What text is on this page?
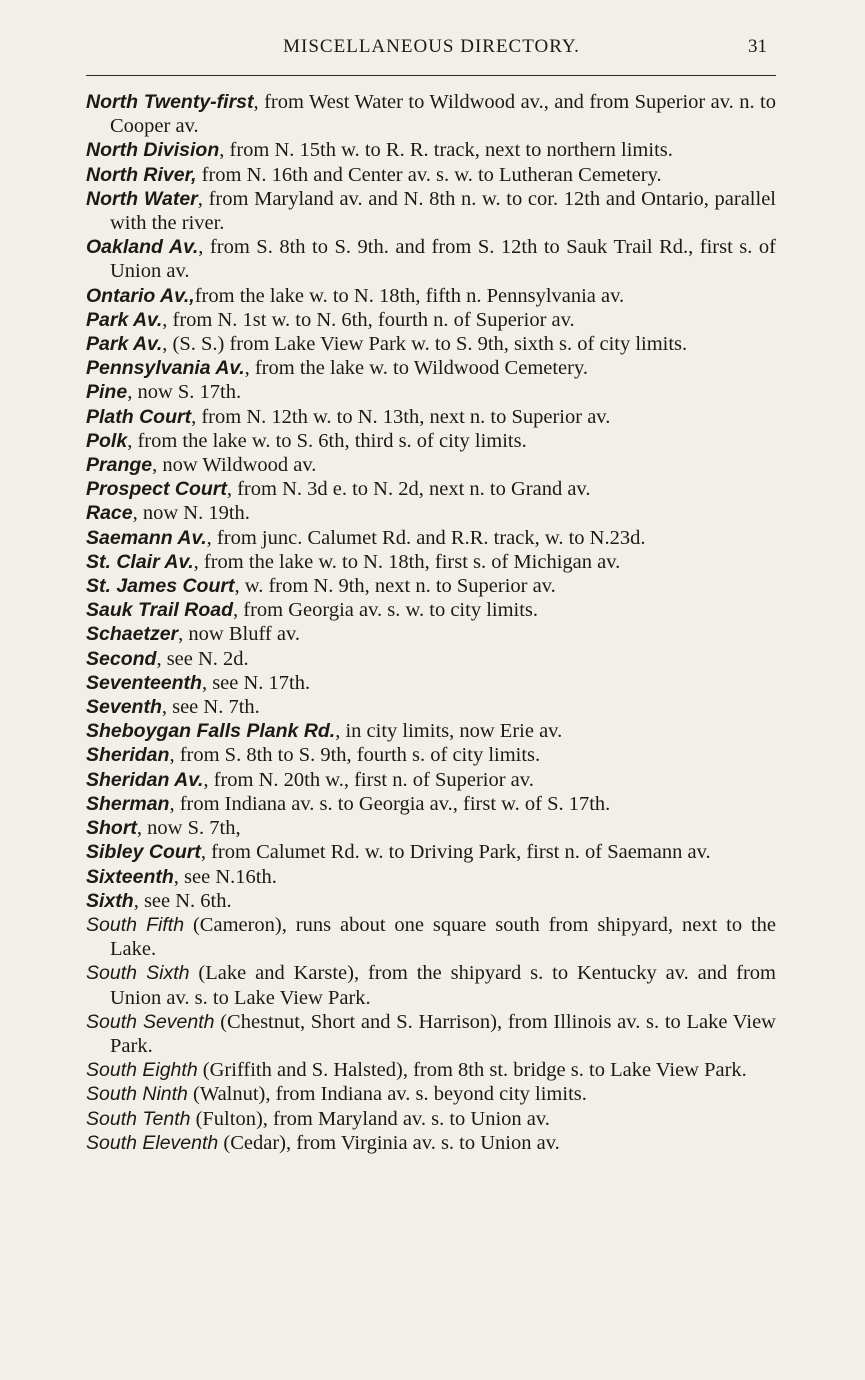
MISCELLANEOUS DIRECTORY.	31
North Twenty-first, from West Water to Wildwood av., and from Superior av. n. to Cooper av.
North Division, from N. 15th w. to R. R. track, next to northern limits.
North River, from N. 16th and Center av. s. w. to Lutheran Cemetery.
North Water, from Maryland av. and N. 8th n. w. to cor. 12th and Ontario, parallel with the river.
Oakland Av., from S. 8th to S. 9th. and from S. 12th to Sauk Trail Rd., first s. of Union av.
Ontario Av.,from the lake w. to N. 18th, fifth n. Pennsylvania av.
Park Av., from N. 1st w. to N. 6th, fourth n. of Superior av.
Park Av., (S. S.) from Lake View Park w. to S. 9th, sixth s. of city limits.
Pennsylvania Av., from the lake w. to Wildwood Cemetery.
Pine, now S. 17th.
Plath Court, from N. 12th w. to N. 13th, next n. to Superior av.
Polk, from the lake w. to S. 6th, third s. of city limits.
Prange, now Wildwood av.
Prospect Court, from N. 3d e. to N. 2d, next n. to Grand av.
Race, now N. 19th.
Saemann Av., from junc. Calumet Rd. and R.R. track, w. to N.23d.
St. Clair Av., from the lake w. to N. 18th, first s. of Michigan av.
St. James Court, w. from N. 9th, next n. to Superior av.
Sauk Trail Road, from Georgia av. s. w. to city limits.
Schaetzer, now Bluff av.
Second, see N. 2d.
Seventeenth, see N. 17th.
Seventh, see N. 7th.
Sheboygan Falls Plank Rd., in city limits, now Erie av.
Sheridan, from S. 8th to S. 9th, fourth s. of city limits.
Sheridan Av., from N. 20th w., first n. of Superior av.
Sherman, from Indiana av. s. to Georgia av., first w. of S. 17th.
Short, now S. 7th,
Sibley Court, from Calumet Rd. w. to Driving Park, first n. of Saemann av.
Sixteenth, see N.16th.
Sixth, see N. 6th.
South Fifth (Cameron), runs about one square south from shipyard, next to the Lake.
South Sixth (Lake and Karste), from the shipyard s. to Kentucky av. and from Union av. s. to Lake View Park.
South Seventh (Chestnut, Short and S. Harrison), from Illinois av. s. to Lake View Park.
South Eighth (Griffith and S. Halsted), from 8th st. bridge s. to Lake View Park.
South Ninth (Walnut), from Indiana av. s. beyond city limits.
South Tenth (Fulton), from Maryland av. s. to Union av.
South Eleventh (Cedar), from Virginia av. s. to Union av.
